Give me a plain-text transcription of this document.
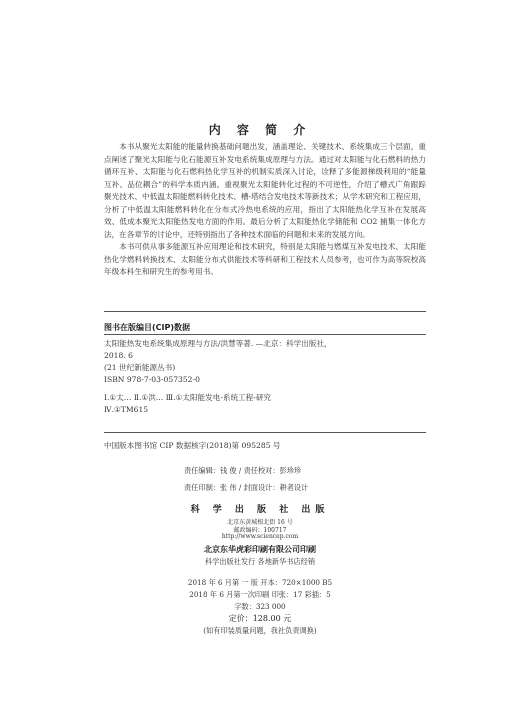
内 容 简 介

本书从聚光太阳能的能量转换基础问题出发，涵盖理论、关键技术、系统集成三个层面，重点阐述了聚光太阳能与化石能源互补发电系统集成原理与方法。通过对太阳能与化石燃料的热力循环互补、太阳能与化石燃料热化学互补的机制实质深入讨论，诠释了多能源梯级利用的“能量互补、品位耦合”的科学本质内涵。重视聚光太阳能转化过程的不可逆性，介绍了槽式广角跟踪聚光技术、中低温太阳能燃料转化技术、槽-塔结合发电技术等新技术；从学术研究和工程应用，分析了中低温太阳能燃料转化在分布式冷热电系统的应用，指出了太阳能热化学互补在发展高效、低成本聚光太阳能热发电方面的作用。最后分析了太阳能热化学储能和 CO2 捕集一体化方法，在各章节的讨论中，还特别指出了各种技术面临的问题和未来的发展方向。

本书可供从事多能源互补应用理论和技术研究，特别是太阳能与燃煤互补发电技术、太阳能热化学燃料转换技术、太阳能分布式供能技术等科研和工程技术人员参考，也可作为高等院校高年级本科生和研究生的参考用书。

图书在版编目(CIP)数据
太阳能热发电系统集成原理与方法/洪慧等著. —北京：科学出版社，
2018. 6
(21 世纪新能源丛书)
ISBN 978-7-03-057352-0
Ⅰ.①太… Ⅱ.①洪… Ⅲ.①太阳能发电-系统工程-研究
Ⅳ.①TM615
中国版本图书馆 CIP 数据核字(2018)第 095285 号
责任编辑：钱 俊 / 责任校对：彭珍珍
责任印制：张 伟 / 封面设计：耕者设计
科 学 出 版 社 出版
北京东黄城根北街 16 号
邮政编码：100717
http://www.sciencep.com
北京东华虎彩印刷有限公司印刷
科学出版社发行 各地新华书店经销
2018 年 6 月第 一 版 开本：720×1000 B5
2018 年 6 月第一次印刷 印张：17 彩插：5
字数：323 000
定价：128.00 元
(如有印装质量问题，我社负责调换)
